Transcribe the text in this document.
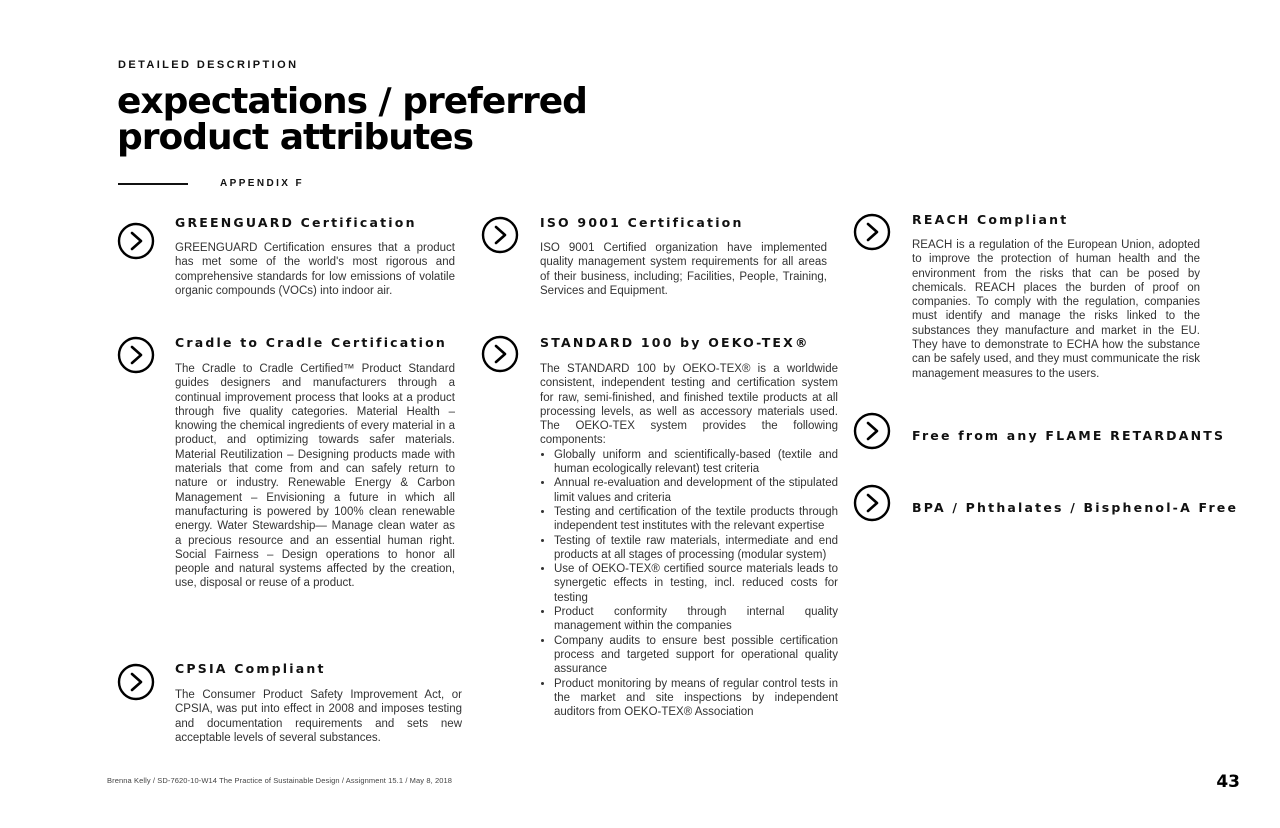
DETAILED DESCRIPTION
expectations / preferred
product attributes
APPENDIX F
GREENGUARD Certification

GREENGUARD Certification ensures that a product has met some of the world's most rigorous and comprehensive standards for low emissions of volatile organic compounds (VOCs) into indoor air.

Cradle to Cradle Certification

The Cradle to Cradle Certified™ Product Standard guides designers and manufacturers through a continual improvement process that looks at a product through five quality categories. Material Health – knowing the chemical ingredients of every material in a product, and optimizing towards safer materials. Material Reutilization – Designing products made with materials that come from and can safely return to nature or industry. Renewable Energy & Carbon Management – Envisioning a future in which all manufacturing is powered by 100% clean renewable energy. Water Stewardship— Manage clean water as a precious resource and an essential human right. Social Fairness – Design operations to honor all people and natural systems affected by the creation, use, disposal or reuse of a product.

CPSIA Compliant

The Consumer Product Safety Improvement Act, or CPSIA, was put into effect in 2008 and imposes testing and documentation requirements and sets new acceptable levels of several substances.

ISO 9001 Certification

ISO 9001 Certified organization have implemented quality management system requirements for all areas of their business, including; Facilities, People, Training, Services and Equipment.

STANDARD 100 by OEKO-TEX®

The STANDARD 100 by OEKO-TEX® is a worldwide consistent, independent testing and certification system for raw, semi-finished, and finished textile products at all processing levels, as well as accessory materials used. The OEKO-TEX system provides the following components:

• Globally uniform and scientifically-based (textile and human ecologically relevant) test criteria
• Annual re-evaluation and development of the stipulated limit values and criteria
• Testing and certification of the textile products through independent test institutes with the relevant expertise
• Testing of textile raw materials, intermediate and end products at all stages of processing (modular system)
• Use of OEKO-TEX® certified source materials leads to synergetic effects in testing, incl. reduced costs for testing
• Product conformity through internal quality management within the companies
• Company audits to ensure best possible certification process and targeted support for operational quality assurance
• Product monitoring by means of regular control tests in the market and site inspections by independent auditors from OEKO-TEX® Association
REACH Compliant

REACH is a regulation of the European Union, adopted to improve the protection of human health and the environment from the risks that can be posed by chemicals. REACH places the burden of proof on companies. To comply with the regulation, companies must identify and manage the risks linked to the substances they manufacture and market in the EU. They have to demonstrate to ECHA how the substance can be safely used, and they must communicate the risk management measures to the users.

Free from any FLAME RETARDANTS
BPA / Phthalates / Bisphenol-A Free
Brenna Kelly / SD-7620-10-W14 The Practice of Sustainable Design / Assignment 15.1 / May 8, 2018	43
